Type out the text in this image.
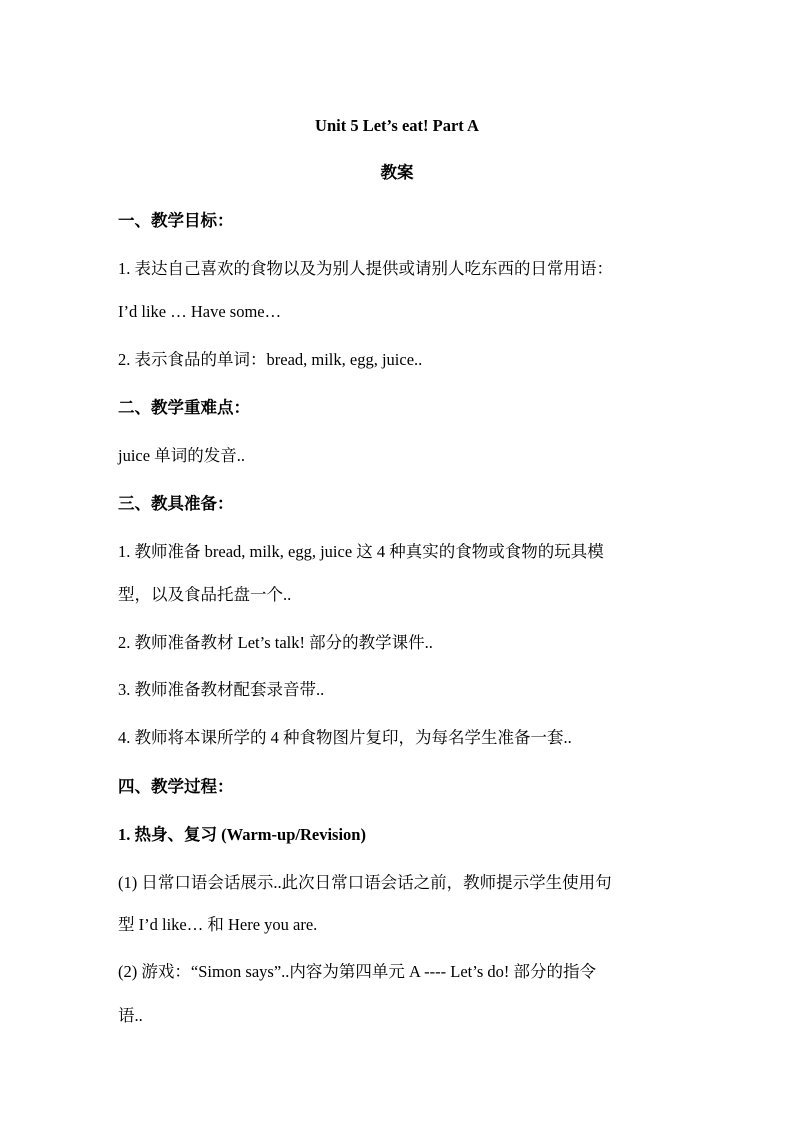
Unit 5 Let’s eat! Part A
教案
一、教学目标：
1. 表达自己喜欢的食物以及为别人提供或请别人吃东西的日常用语：
I’d like … Have some…
2. 表示食品的单词：bread, milk, egg, juice..
二、教学重难点：
juice 单词的发音..
三、教具准备：
1. 教师准备 bread, milk, egg, juice 这 4 种真实的食物或食物的玩具模
型，以及食品托盘一个..
2. 教师准备教材 Let’s talk! 部分的教学课件..
3. 教师准备教材配套录音带..
4. 教师将本课所学的 4 种食物图片复印，为每名学生准备一套..
四、教学过程：
1. 热身、复习 (Warm-up/Revision)
(1) 日常口语会话展示..此次日常口语会话之前，教师提示学生使用句
型 I’d like… 和 Here you are.
(2) 游戏：“Simon says”..内容为第四单元 A ---- Let’s do! 部分的指令
语..
